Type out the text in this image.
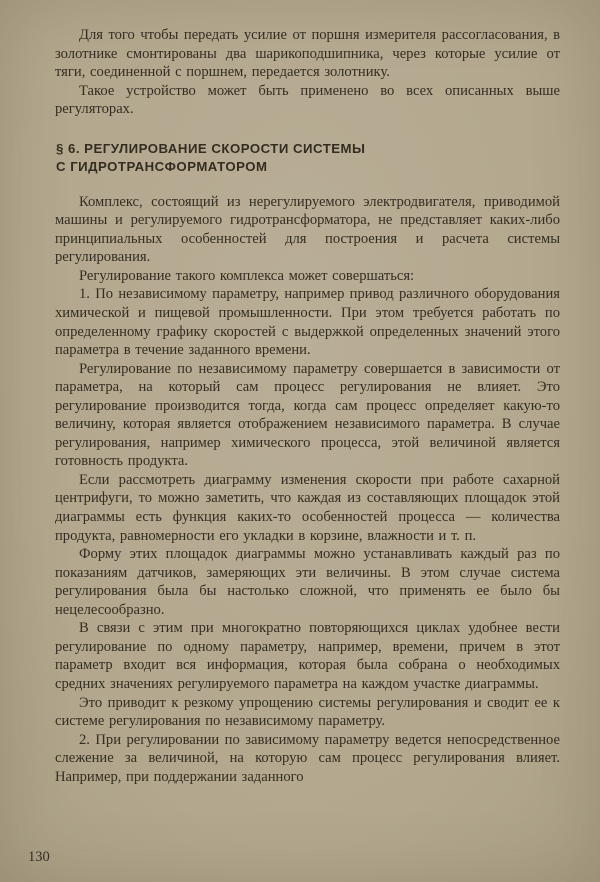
Для того чтобы передать усилие от поршня измерителя рассогласования, в золотнике смонтированы два шарикоподшипника, через которые усилие от тяги, соединенной с поршнем, передается золотнику.

Такое устройство может быть применено во всех описанных выше регуляторах.

§ 6. РЕГУЛИРОВАНИЕ СКОРОСТИ СИСТЕМЫ
С ГИДРОТРАНСФОРМАТОРОМ

Комплекс, состоящий из нерегулируемого электродвигателя, приводимой машины и регулируемого гидротрансформатора, не представляет каких-либо принципиальных особенностей для построения и расчета системы регулирования.

Регулирование такого комплекса может совершаться:

1. По независимому параметру, например привод различного оборудования химической и пищевой промышленности. При этом требуется работать по определенному графику скоростей с выдержкой определенных значений этого параметра в течение заданного времени.

Регулирование по независимому параметру совершается в зависимости от параметра, на который сам процесс регулирования не влияет. Это регулирование производится тогда, когда сам процесс определяет какую-то величину, которая является отображением независимого параметра. В случае регулирования, например химического процесса, этой величиной является готовность продукта.

Если рассмотреть диаграмму изменения скорости при работе сахарной центрифуги, то можно заметить, что каждая из составляющих площадок этой диаграммы есть функция каких-то особенностей процесса — количества продукта, равномерности его укладки в корзине, влажности и т. п.

Форму этих площадок диаграммы можно устанавливать каждый раз по показаниям датчиков, замеряющих эти величины. В этом случае система регулирования была бы настолько сложной, что применять ее было бы нецелесообразно.

В связи с этим при многократно повторяющихся циклах удобнее вести регулирование по одному параметру, например, времени, причем в этот параметр входит вся информация, которая была собрана о необходимых средних значениях регулируемого параметра на каждом участке диаграммы.

Это приводит к резкому упрощению системы регулирования и сводит ее к системе регулирования по независимому параметру.

2. При регулировании по зависимому параметру ведется непосредственное слежение за величиной, на которую сам процесс регулирования влияет. Например, при поддержании заданного

130
